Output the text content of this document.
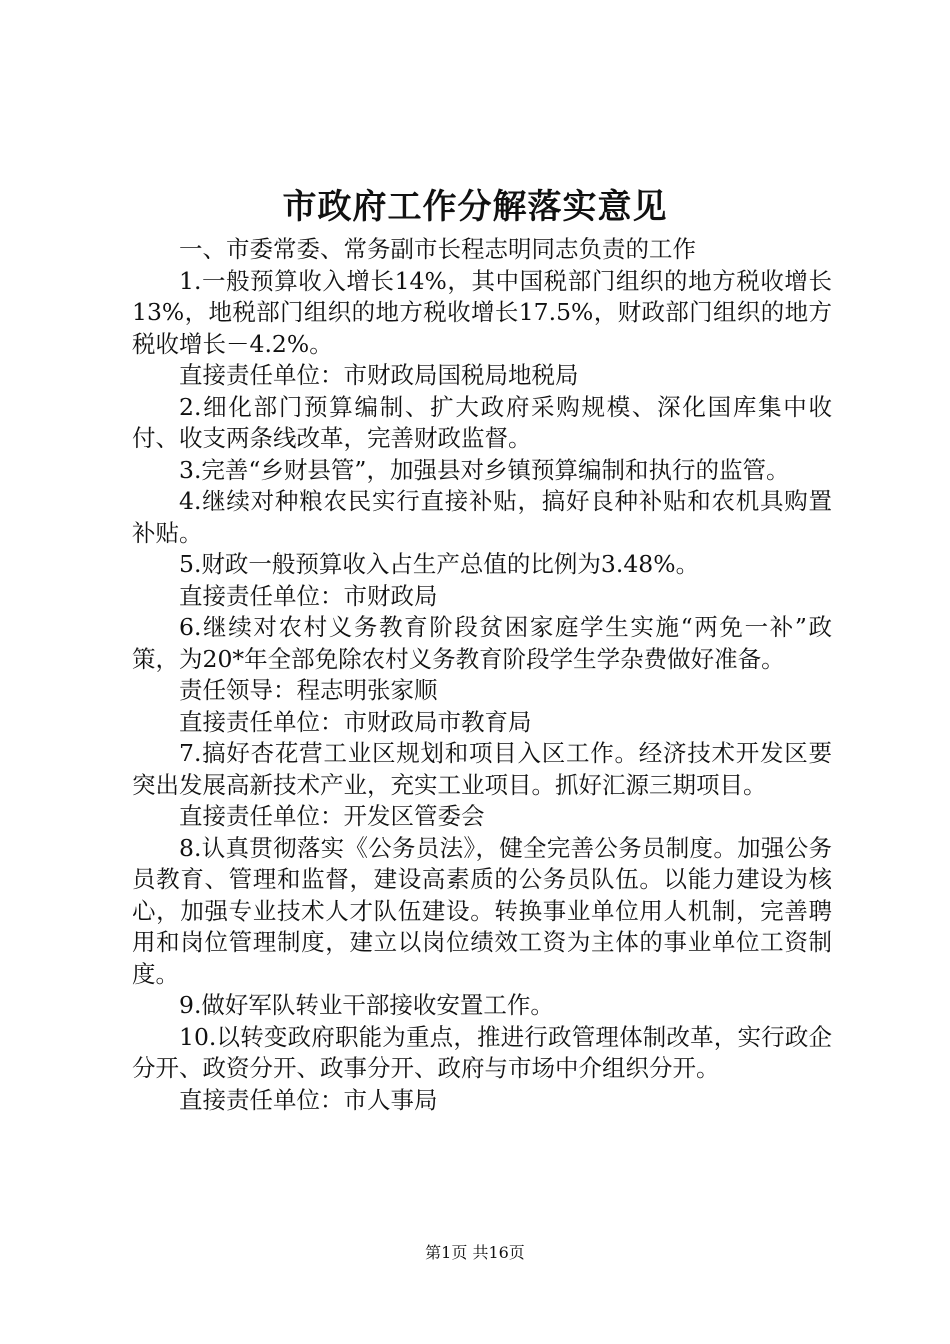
市政府工作分解落实意见

一、市委常委、常务副市长程志明同志负责的工作

1.一般预算收入增长14%，其中国税部门组织的地方税收增长13%，地税部门组织的地方税收增长17.5%，财政部门组织的地方税收增长－4.2%。

直接责任单位：市财政局国税局地税局

2.细化部门预算编制、扩大政府采购规模、深化国库集中收付、收支两条线改革，完善财政监督。

3.完善“乡财县管”，加强县对乡镇预算编制和执行的监管。

4.继续对种粮农民实行直接补贴，搞好良种补贴和农机具购置补贴。

5.财政一般预算收入占生产总值的比例为3.48%。

直接责任单位：市财政局

6.继续对农村义务教育阶段贫困家庭学生实施“两免一补”政策，为20*年全部免除农村义务教育阶段学生学杂费做好准备。

责任领导：程志明张家顺

直接责任单位：市财政局市教育局

7.搞好杏花营工业区规划和项目入区工作。经济技术开发区要突出发展高新技术产业，充实工业项目。抓好汇源三期项目。

直接责任单位：开发区管委会

8.认真贯彻落实《公务员法》，健全完善公务员制度。加强公务员教育、管理和监督，建设高素质的公务员队伍。以能力建设为核心，加强专业技术人才队伍建设。转换事业单位用人机制，完善聘用和岗位管理制度，建立以岗位绩效工资为主体的事业单位工资制度。

9.做好军队转业干部接收安置工作。

10.以转变政府职能为重点，推进行政管理体制改革，实行政企分开、政资分开、政事分开、政府与市场中介组织分开。

直接责任单位：市人事局

第1页 共16页
